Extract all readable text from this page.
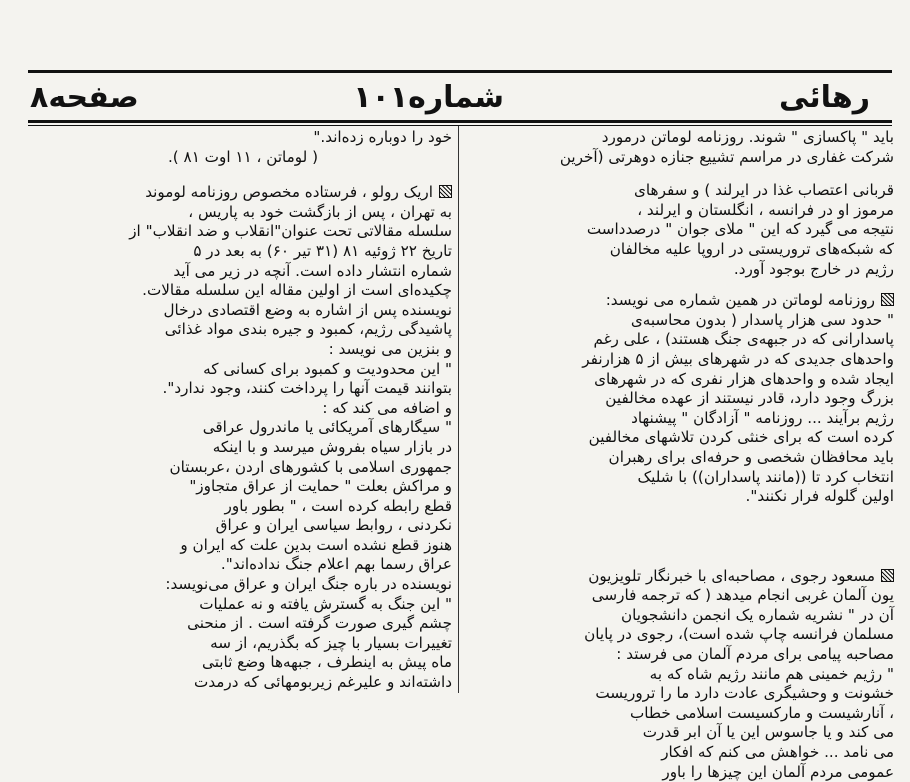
رهائی
شماره۱۰۱
صفحه۸

باید " پاکسازی " شوند. روزنامه لوماتن درمورد

شرکت غفاری در مراسم تشییع جنازه دوهرتی (آخرین

قربانی اعتصاب غذا در ایرلند ) و سفرهای

مرموز او در فرانسه ، انگلستان و ایرلند ،

نتیجه می گیرد که این " ملای جوان " درصدداست

که شبکه‌های تروریستی در اروپا علیه مخالفان

رژیم در خارج بوجود آورد.

روزنامه لوماتن در همین شماره می نویسد:

" حدود سی هزار پاسدار ( بدون محاسبه‌ی

پاسدارانی که در جبهه‌ی جنگ هستند) ، علی رغم

واحدهای جدیدی که در شهرهای بیش از ۵ هزارنفر

ایجاد شده و واحدهای هزار نفری که در شهرهای

بزرگ وجود دارد، قادر نیستند از عهده مخالفین

رژیم برآیند ... روزنامه " آزادگان " پیشنهاد

کرده است که برای خنثی کردن تلاشهای مخالفین

باید محافظان شخصی و حرفه‌ای برای رهبران

انتخاب کرد تا ((مانند پاسداران)) با شلیک

اولین گلوله فرار نکنند".

مسعود رجوی ، مصاحبه‌ای با خبرنگار تلویزیون

یون آلمان غربی انجام میدهد ( که ترجمه فارسی

آن در " نشریه شماره یک انجمن دانشجویان

مسلمان فرانسه چاپ شده است)، رجوی در پایان

مصاحبه پیامی برای مردم آلمان می فرستد :

" رژیم خمینی هم مانند رژیم شاه که به

خشونت و وحشیگری عادت دارد ما را تروریست

، آنارشیست و مارکسیست اسلامی خطاب

می کند و یا جاسوس این یا آن ابر قدرت

می نامد ... خواهش می کنم که افکار

عمومی مردم آلمان این چیزها را باور

خود را دوباره زده‌اند."

( لوماتن ، ۱۱ اوت ۸۱ ).

اریک رولو ، فرستاده مخصوص روزنامه لوموند

به تهران ، پس از بازگشت خود به پاریس ،

سلسله مقالاتی تحت عنوان"انقلاب و ضد انقلاب" از

تاریخ ۲۲ ژوئیه ۸۱ (۳۱ تیر ۶۰) به بعد در ۵

شماره انتشار داده است. آنچه در زیر می آید

چکیده‌ای است از اولین مقاله این سلسله مقالات.

نویسنده پس از اشاره به وضع اقتصادی درخال

پاشیدگی رژیم، کمبود و جیره بندی مواد غذائی

و بنزین می نویسد :

" این محدودیت و کمبود برای کسانی که

بتوانند قیمت آنها را پرداخت کنند، وجود ندارد".

و اضافه می کند که :

" سیگارهای آمریکائی یا ماندرول عراقی

در بازار سیاه بفروش میرسد و با اینکه

جمهوری اسلامی با کشورهای اردن ،عربستان

و مراکش بعلت " حمایت از عراق متجاوز"

قطع رابطه کرده است ، " بطور باور

نکردنی ، روابط سیاسی ایران و عراق

هنوز قطع نشده است بدین علت که ایران و

عراق رسما بهم اعلام جنگ نداده‌اند".

نویسنده در باره جنگ ایران و عراق می‌نویسد:

" این جنگ به گسترش یافته و نه عملیات

چشم گیری صورت گرفته است . از منحنی

تغییرات بسیار با چیز که بگذریم، از سه

ماه پیش به اینطرف ، جبهه‌ها وضع ثابتی

داشته‌اند و علیرغم زیربومهائی که درمدت
